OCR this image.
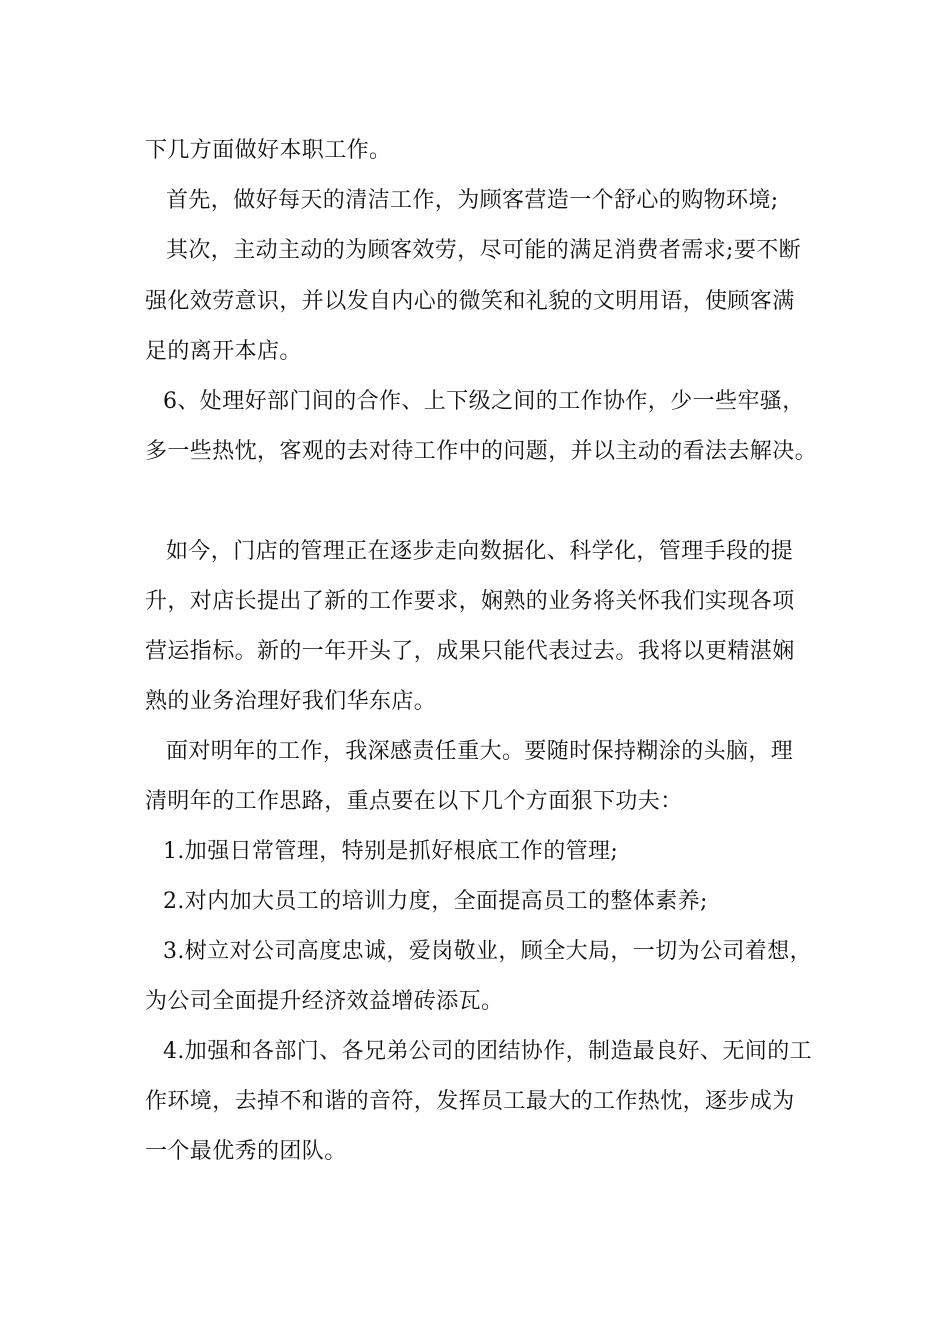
下几方面做好本职工作。
首先，做好每天的清洁工作，为顾客营造一个舒心的购物环境;
其次，主动主动的为顾客效劳，尽可能的满足消费者需求;要不断
强化效劳意识，并以发自内心的微笑和礼貌的文明用语，使顾客满
足的离开本店。
6、处理好部门间的合作、上下级之间的工作协作，少一些牢骚，
多一些热忱，客观的去对待工作中的问题，并以主动的看法去解决。
如今，门店的管理正在逐步走向数据化、科学化，管理手段的提
升，对店长提出了新的工作要求，娴熟的业务将关怀我们实现各项
营运指标。新的一年开头了，成果只能代表过去。我将以更精湛娴
熟的业务治理好我们华东店。
面对明年的工作，我深感责任重大。要随时保持糊涂的头脑，理
清明年的工作思路，重点要在以下几个方面狠下功夫：
1.加强日常管理，特别是抓好根底工作的管理;
2.对内加大员工的培训力度，全面提高员工的整体素养;
3.树立对公司高度忠诚，爱岗敬业，顾全大局，一切为公司着想，
为公司全面提升经济效益增砖添瓦。
4.加强和各部门、各兄弟公司的团结协作，制造最良好、无间的工
作环境，去掉不和谐的音符，发挥员工最大的工作热忱，逐步成为
一个最优秀的团队。
